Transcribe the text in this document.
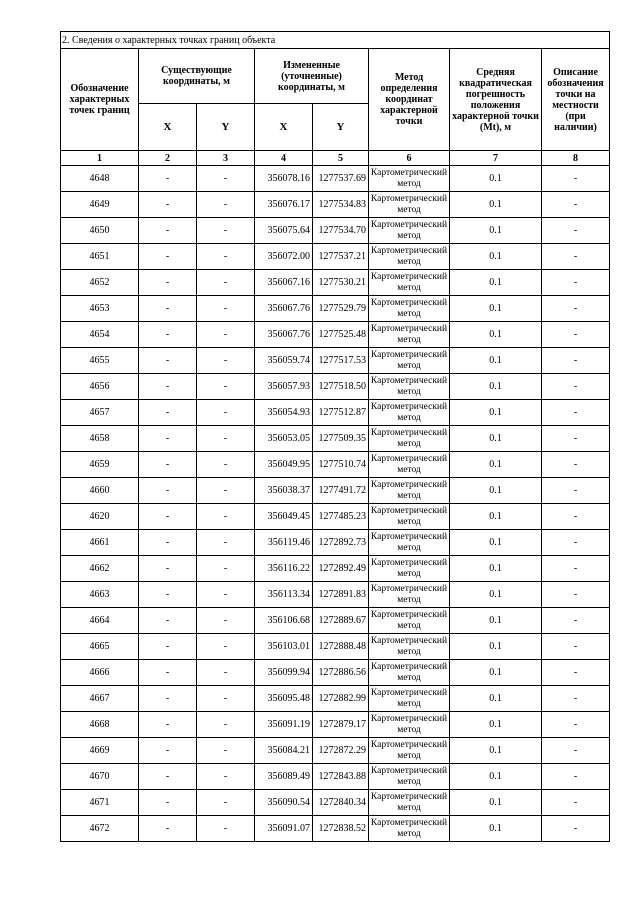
2. Сведения о характерных точках границ объекта							
Обозначение характерных точек границ	Существующие координаты, м		Измененные (уточненные) координаты, м		Метод определения координат характерной точки	Средняя квадратическая погрешность положения характерной точки (Mt), м	Описание обозначения точки на местности (при наличии)
	X	Y	X	Y			
1	2	3	4	5	6	7	8
4648	-	-	356078.16	1277537.69	Картометрический метод	0.1	-
4649	-	-	356076.17	1277534.83	Картометрический метод	0.1	-
4650	-	-	356075.64	1277534.70	Картометрический метод	0.1	-
4651	-	-	356072.00	1277537.21	Картометрический метод	0.1	-
4652	-	-	356067.16	1277530.21	Картометрический метод	0.1	-
4653	-	-	356067.76	1277529.79	Картометрический метод	0.1	-
4654	-	-	356067.76	1277525.48	Картометрический метод	0.1	-
4655	-	-	356059.74	1277517.53	Картометрический метод	0.1	-
4656	-	-	356057.93	1277518.50	Картометрический метод	0.1	-
4657	-	-	356054.93	1277512.87	Картометрический метод	0.1	-
4658	-	-	356053.05	1277509.35	Картометрический метод	0.1	-
4659	-	-	356049.95	1277510.74	Картометрический метод	0.1	-
4660	-	-	356038.37	1277491.72	Картометрический метод	0.1	-
4620	-	-	356049.45	1277485.23	Картометрический метод	0.1	-
4661	-	-	356119.46	1272892.73	Картометрический метод	0.1	-
4662	-	-	356116.22	1272892.49	Картометрический метод	0.1	-
4663	-	-	356113.34	1272891.83	Картометрический метод	0.1	-
4664	-	-	356106.68	1272889.67	Картометрический метод	0.1	-
4665	-	-	356103.01	1272888.48	Картометрический метод	0.1	-
4666	-	-	356099.94	1272886.56	Картометрический метод	0.1	-
4667	-	-	356095.48	1272882.99	Картометрический метод	0.1	-
4668	-	-	356091.19	1272879.17	Картометрический метод	0.1	-
4669	-	-	356084.21	1272872.29	Картометрический метод	0.1	-
4670	-	-	356089.49	1272843.88	Картометрический метод	0.1	-
4671	-	-	356090.54	1272840.34	Картометрический метод	0.1	-
4672	-	-	356091.07	1272838.52	Картометрический метод	0.1	-
